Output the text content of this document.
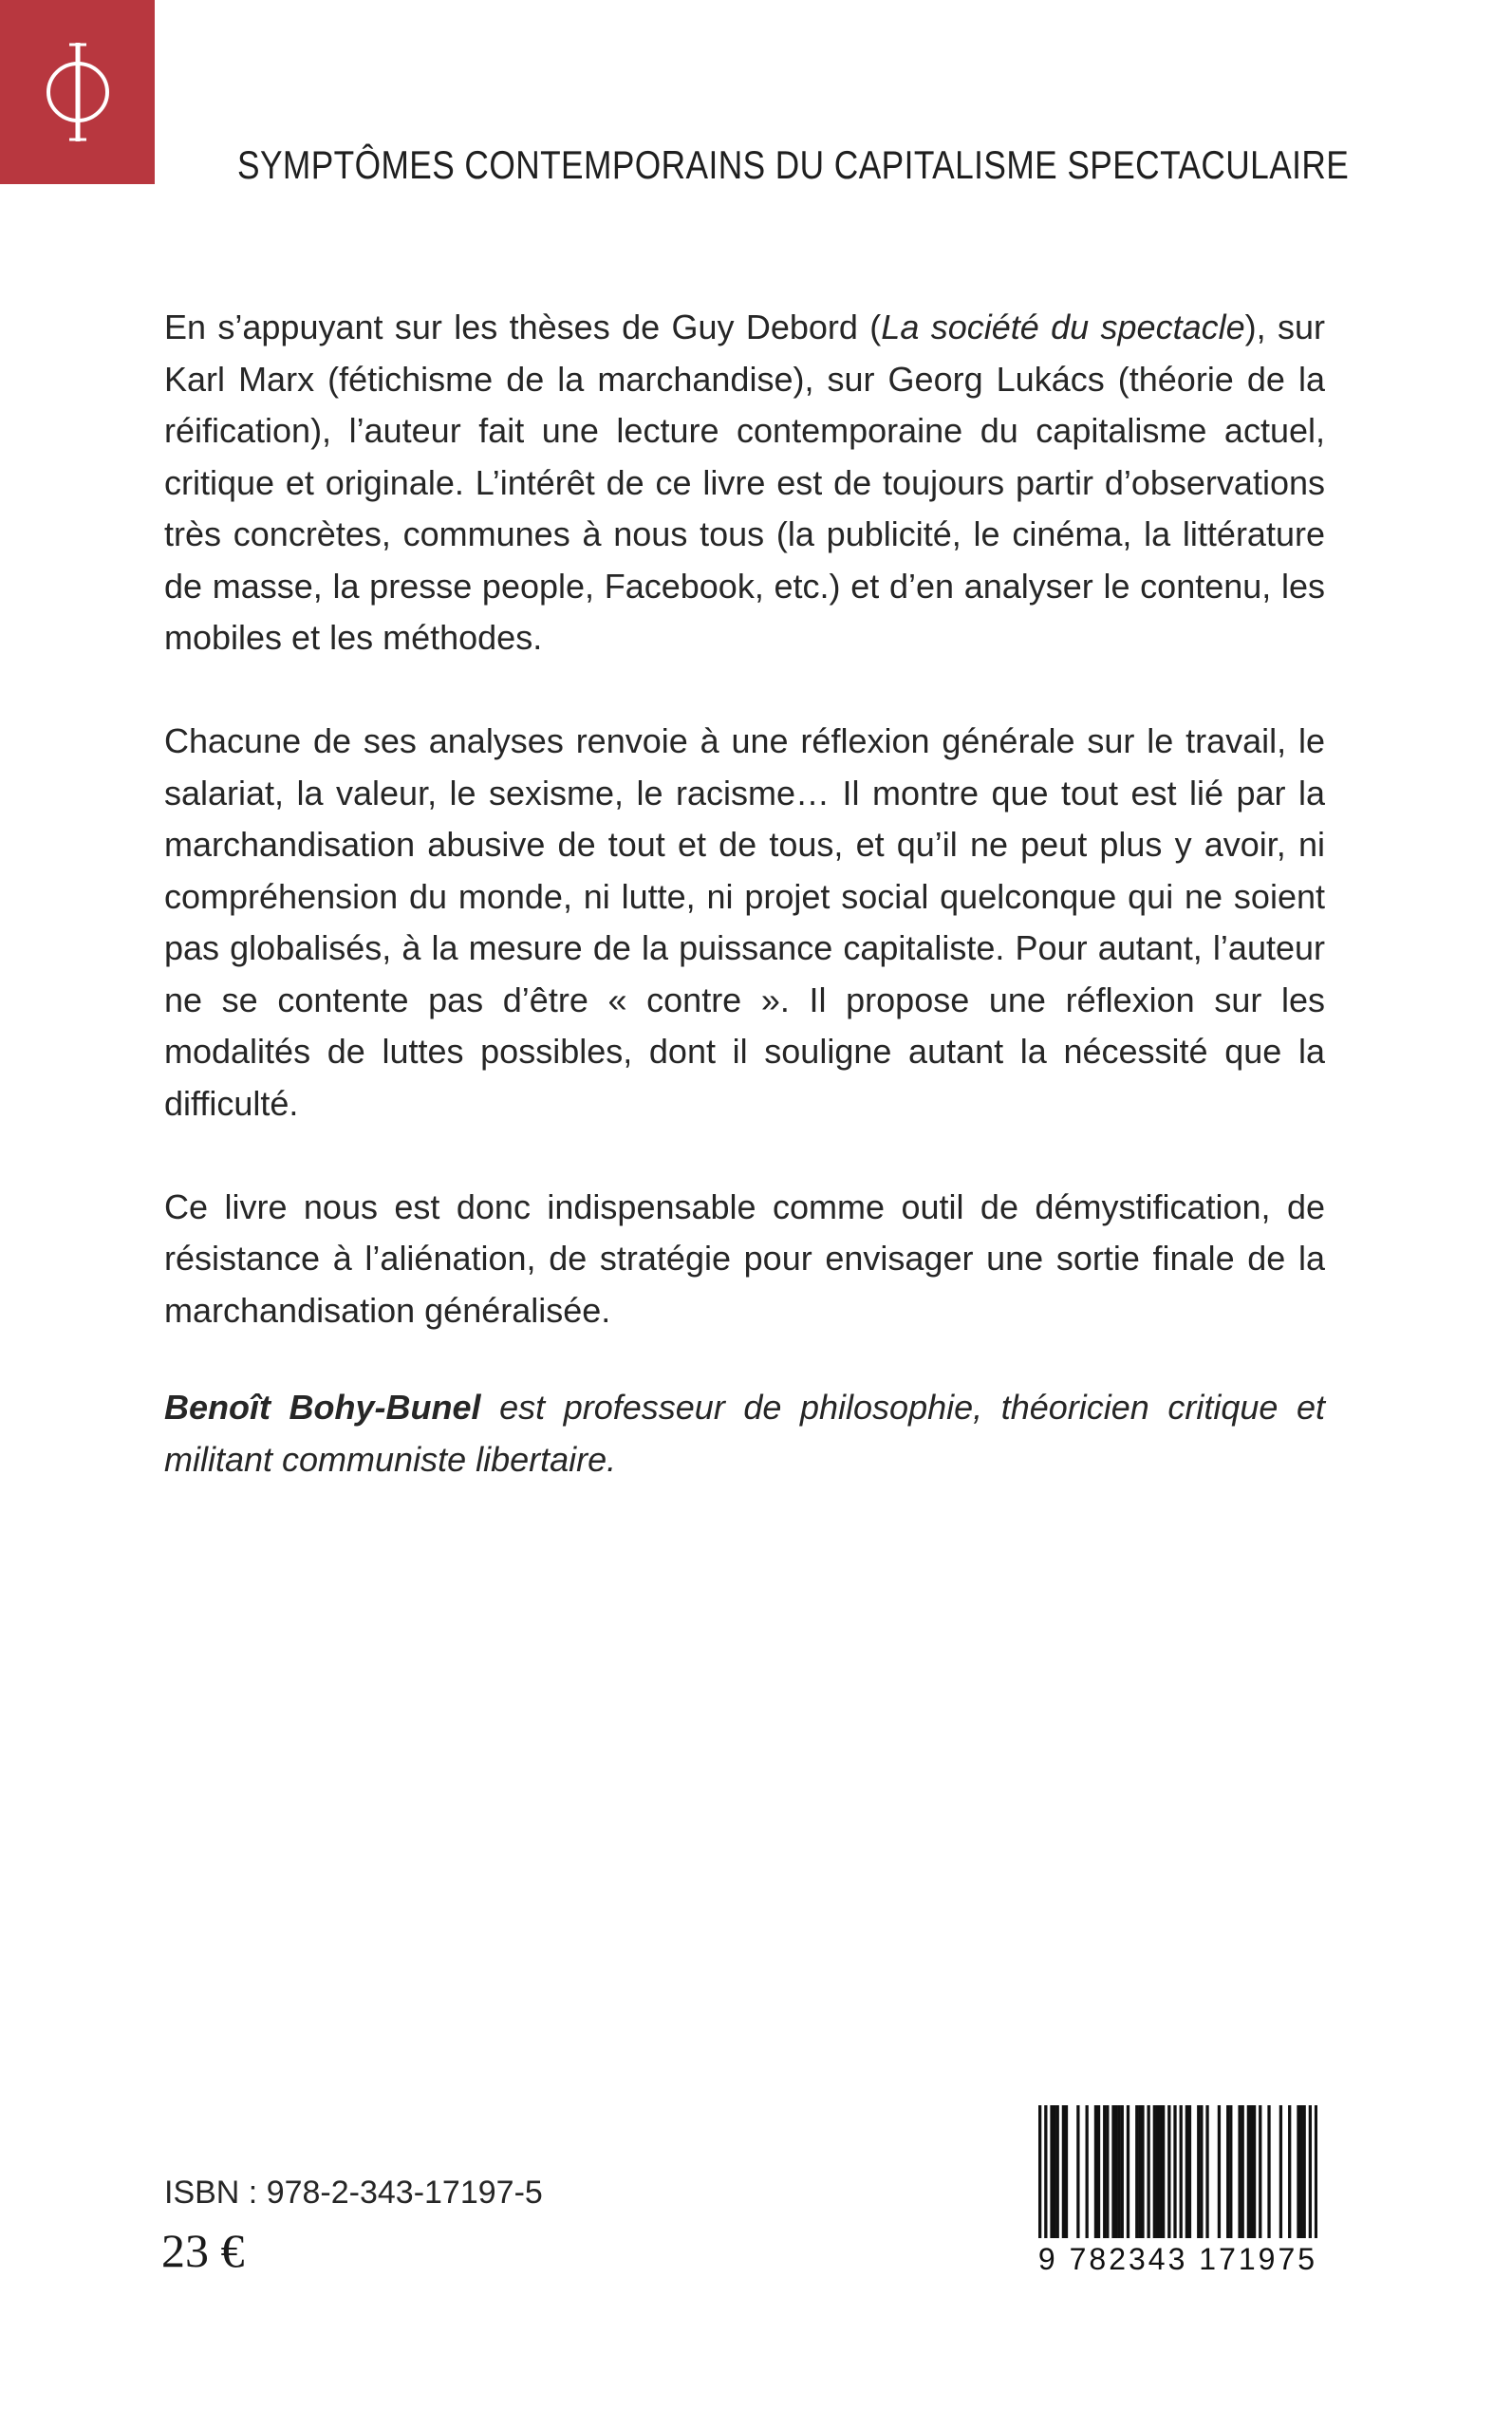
SYMPTÔMES CONTEMPORAINS DU CAPITALISME SPECTACULAIRE

En s’appuyant sur les thèses de Guy Debord (La société du spectacle), sur Karl Marx (fétichisme de la marchandise), sur Georg Lukács (théorie de la réification), l’auteur fait une lecture contemporaine du capitalisme actuel, critique et originale. L’intérêt de ce livre est de toujours partir d’observations très concrètes, communes à nous tous (la publicité, le cinéma, la littérature de masse, la presse people, Facebook, etc.) et d’en analyser le contenu, les mobiles et les méthodes.

Chacune de ses analyses renvoie à une réflexion générale sur le travail, le salariat, la valeur, le sexisme, le racisme… Il montre que tout est lié par la marchandisation abusive de tout et de tous, et qu’il ne peut plus y avoir, ni compréhension du monde, ni lutte, ni projet social quelconque qui ne soient pas globalisés, à la mesure de la puissance capitaliste. Pour autant, l’auteur ne se contente pas d’être « contre ». Il propose une réflexion sur les modalités de luttes possibles, dont il souligne autant la nécessité que la difficulté.

Ce livre nous est donc indispensable comme outil de démystification, de résistance à l’aliénation, de stratégie pour envisager une sortie finale de la marchandisation généralisée.

Benoît Bohy-Bunel est professeur de philosophie, théoricien critique et militant communiste libertaire.
ISBN : 978-2-343-17197-5
23 €	9 782343 171975
